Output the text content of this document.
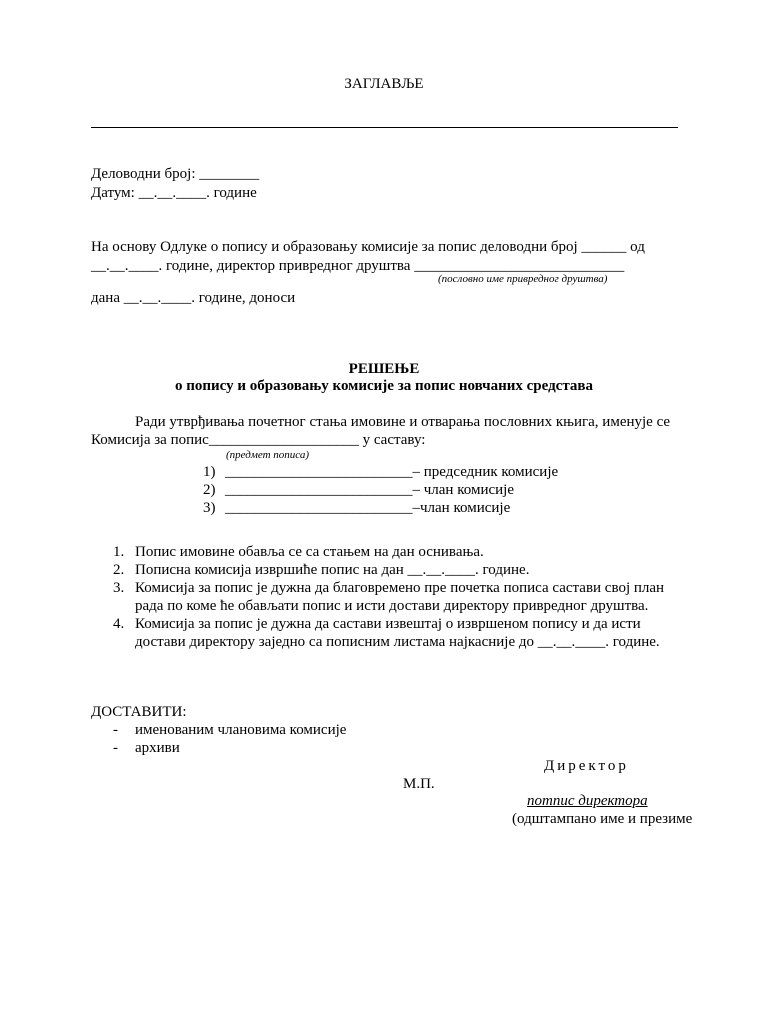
ЗАГЛАВЉЕ
Деловодни број: ________
Датум: __.__.____. године
На основу Одлуке о попису и образовању комисије за попис деловодни број ______ од
__.__.____. године, директор привредног друштва ____________________________
(пословно име привредног друштва)
дана __.__.____. године, доноси
РЕШЕЊЕ
о попису и образовању комисије за попис новчаних средстава
Ради утврђивања почетног стања имовине и отварања пословних књига, именује се
Комисија за попис____________________ у саставу:
(предмет пописа)
1) _________________________– председник комисије
2) _________________________– члан комисије
3) _________________________–члан комисије
1. Попис имовине обавља се са стањем на дан оснивања.
2. Пописна комисија извршиће попис на дан __.__.____. године.
3. Комисија за попис је дужна да благовремено пре почетка пописа састави свој план
рада по коме ће обављати попис и исти достави директору привредног друштва.
4. Комисија за попис је дужна да састави извештај о извршеном попису и да исти
достави директору заједно са пописним листама најкасније до __.__.____. године.
ДОСТАВИТИ:
- именованим члановима комисије
- архиви
Директор
М.П.
потпис директора
(одштампано име и презиме
